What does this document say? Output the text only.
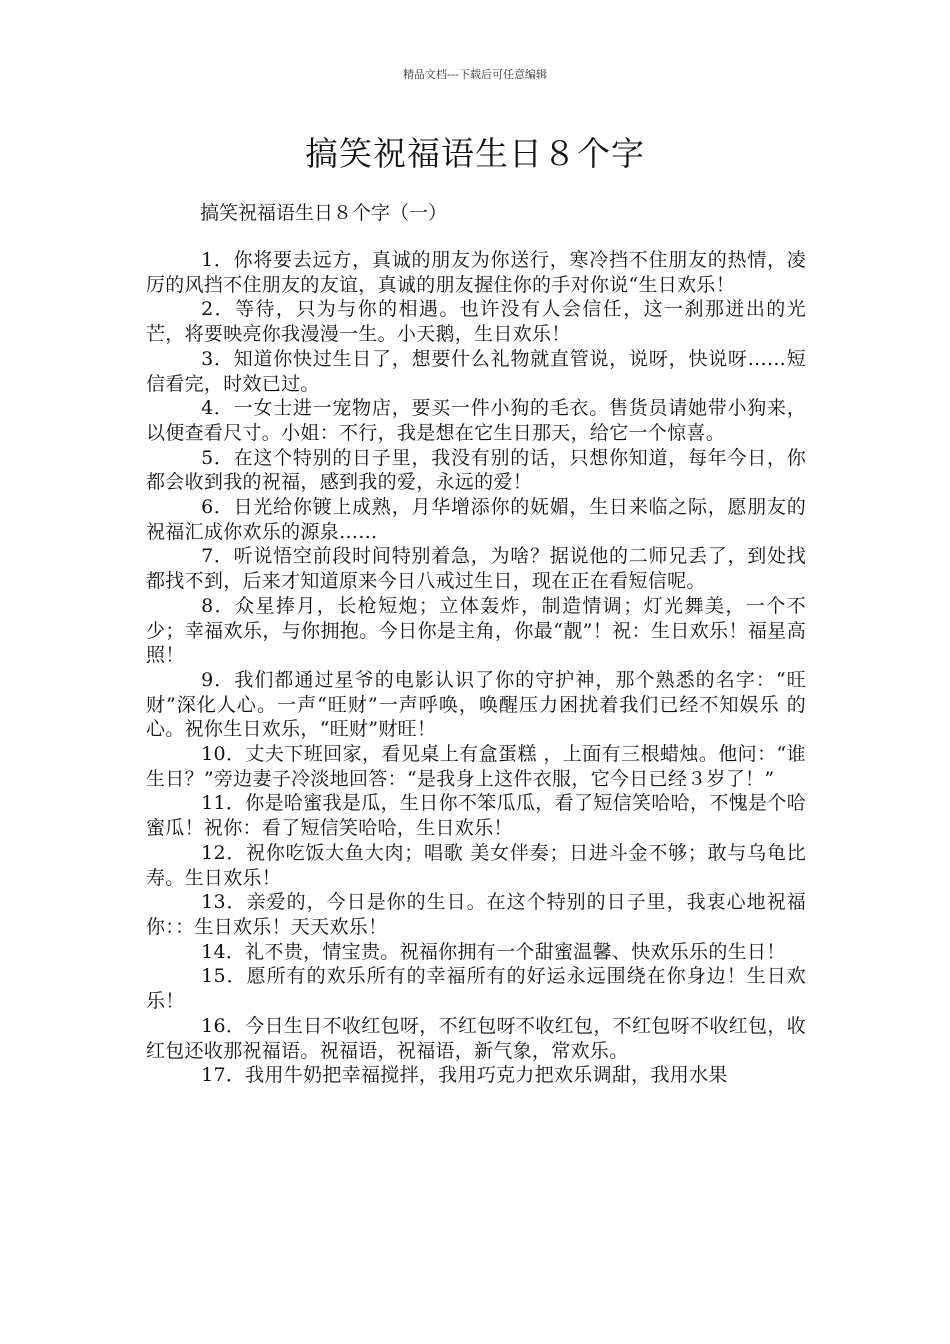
精品文档---下载后可任意编辑
搞笑祝福语生日８个字
搞笑祝福语生日８个字（一）

1．你将要去远方，真诚的朋友为你送行，寒冷挡不住朋友的热情，凌厉的风挡不住朋友的友谊，真诚的朋友握住你的手对你说“生日欢乐！

2．等待，只为与你的相遇。也许没有人会信任，这一刹那迸出的光芒，将要映亮你我漫漫一生。小天鹅，生日欢乐！

3．知道你快过生日了，想要什么礼物就直管说，说呀，快说呀……短信看完，时效已过。

4．一女士进一宠物店，要买一件小狗的毛衣。售货员请她带小狗来，以便查看尺寸。小姐：不行，我是想在它生日那天，给它一个惊喜。

5．在这个特别的日子里，我没有别的话，只想你知道，每年今日，你都会收到我的祝福，感到我的爱，永远的爱！

6．日光给你镀上成熟，月华增添你的妩媚，生日来临之际，愿朋友的祝福汇成你欢乐的源泉……

7．听说悟空前段时间特别着急，为啥？据说他的二师兄丢了，到处找都找不到，后来才知道原来今日八戒过生日，现在正在看短信呢。

8．众星捧月，长枪短炮；立体轰炸，制造情调；灯光舞美，一个不少；幸福欢乐，与你拥抱。今日你是主角，你最“靓”！祝：生日欢乐！福星高照！

9．我们都通过星爷的电影认识了你的守护神，那个熟悉的名字：“旺财”深化人心。一声“旺财”一声呼唤，唤醒压力困扰着我们已经不知娱乐 的心。祝你生日欢乐，“旺财”财旺！

10．丈夫下班回家，看见桌上有盒蛋糕 ，上面有三根蜡烛。他问：“谁生日？”旁边妻子冷淡地回答：“是我身上这件衣服，它今日已经３岁了！”

11．你是哈蜜我是瓜，生日你不笨瓜瓜，看了短信笑哈哈，不愧是个哈蜜瓜！祝你：看了短信笑哈哈，生日欢乐！

12．祝你吃饭大鱼大肉；唱歌 美女伴奏；日进斗金不够；敢与乌龟比寿。生日欢乐！

13．亲爱的，今日是你的生日。在这个特别的日子里，我衷心地祝福你：：生日欢乐！天天欢乐！

14．礼不贵，情宝贵。祝福你拥有一个甜蜜温馨、快欢乐乐的生日！

15．愿所有的欢乐所有的幸福所有的好运永远围绕在你身边！生日欢乐！

16．今日生日不收红包呀，不红包呀不收红包，不红包呀不收红包，收红包还收那祝福语。祝福语，祝福语，新气象，常欢乐。

17．我用牛奶把幸福搅拌，我用巧克力把欢乐调甜，我用水果
